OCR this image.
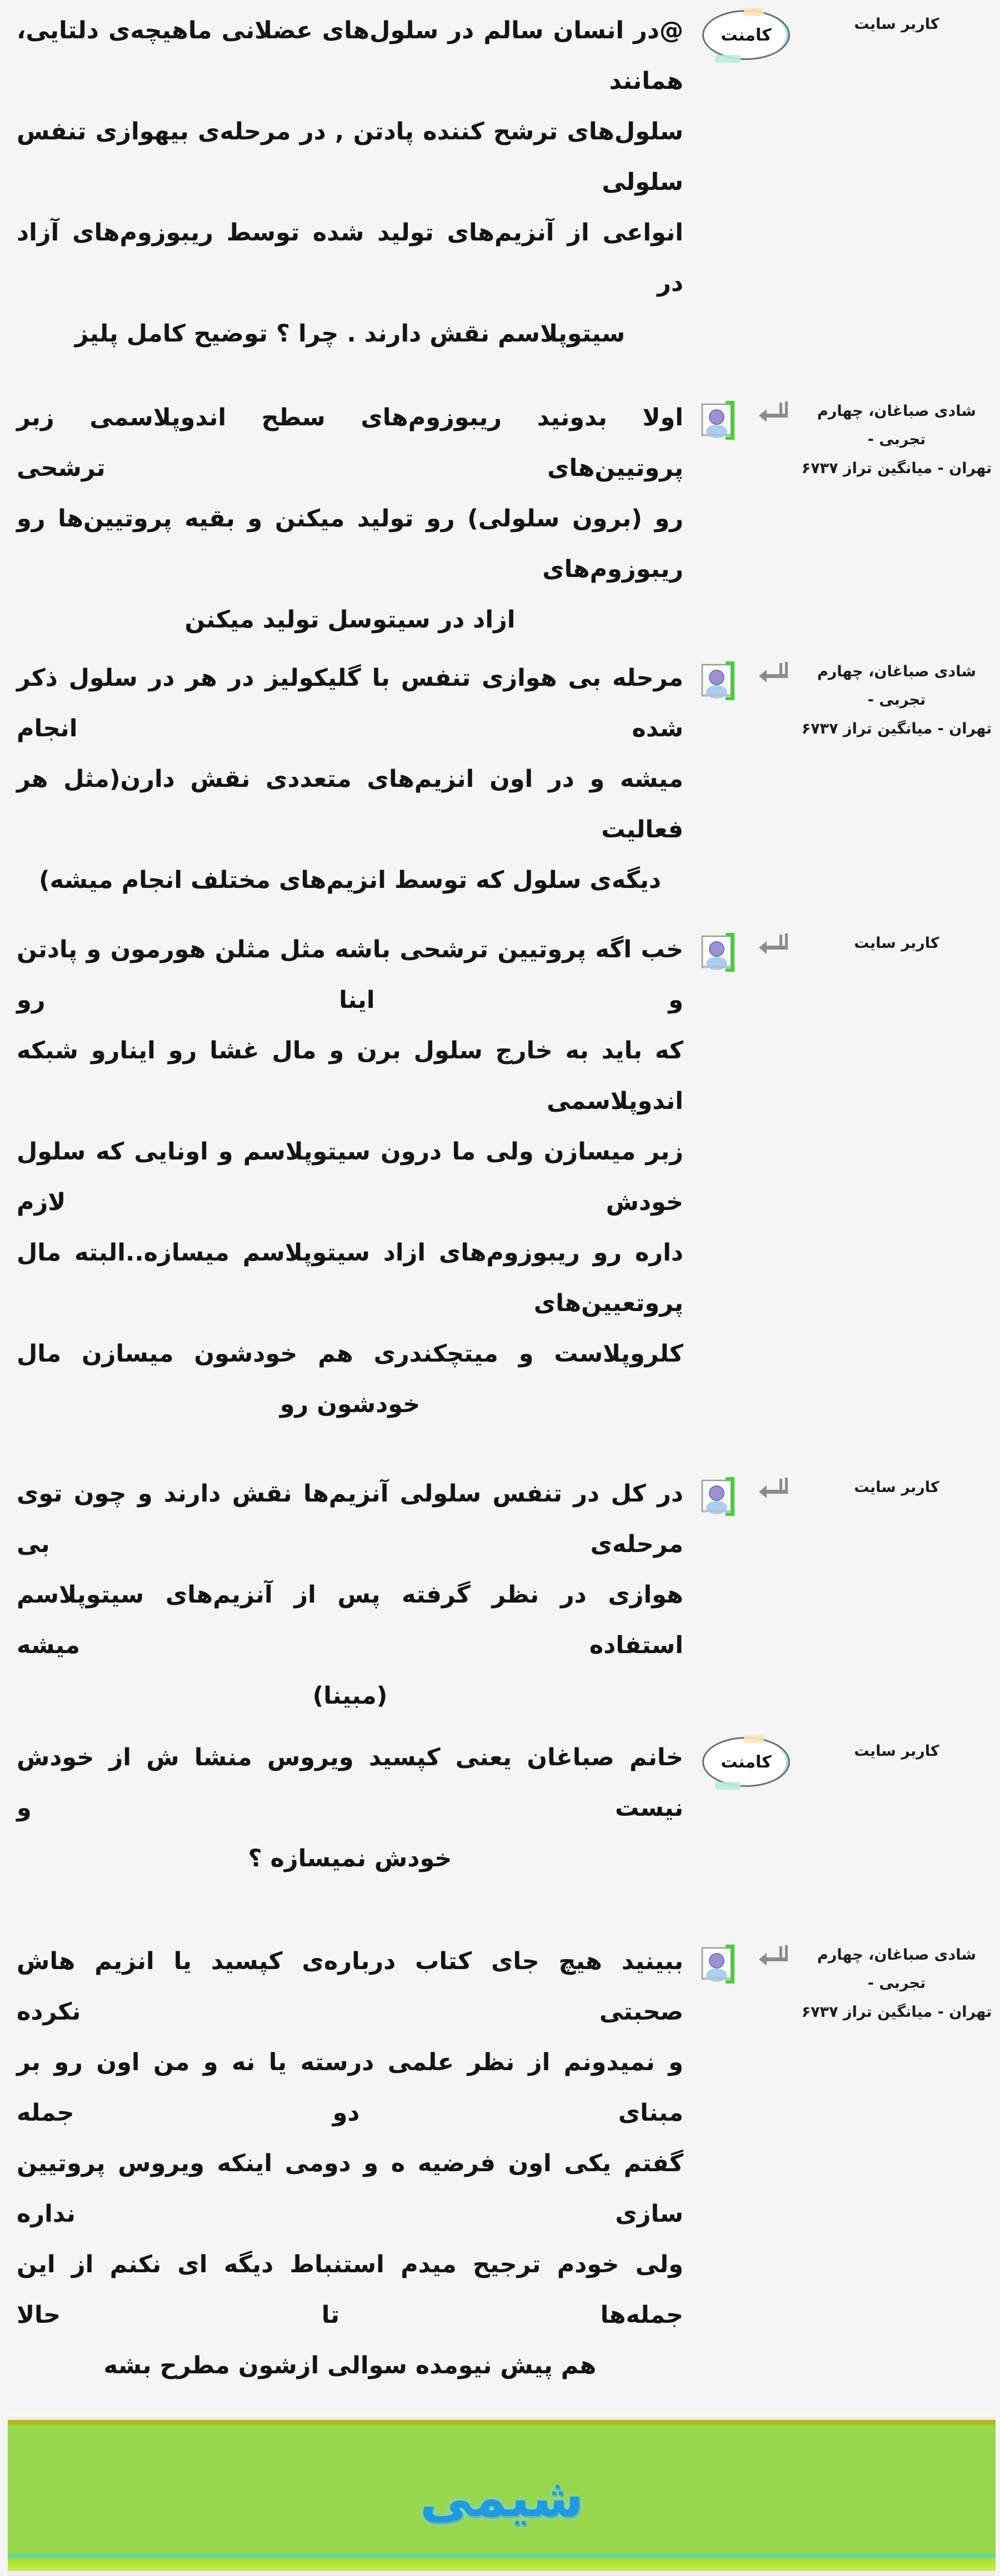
کاربر سایت
کامنت
@در انسان سالم در سلول‌های عضلانی ماهیچه‌ی دلتایی، همانند
سلول‌های ترشح کننده پادتن , در مرحله‌ی بیهوازی تنفس سلولی
انواعی از آنزیم‌های تولید شده توسط ریبوزوم‌های آزاد در
سیتوپلاسم نقش دارند . چرا ؟ توضیح کامل پلیز
شادی صباغان، چهارم تجربی -
تهران - میانگین تراز ۶۷۳۷
اولا بدونید ریبوزوم‌های سطح اندوپلاسمی زبر پروتیین‌های ترشحی
رو (برون سلولی) رو تولید میکنن و بقیه پروتیین‌ها رو ریبوزوم‌های
ازاد در سیتوسل تولید میکنن
شادی صباغان، چهارم تجربی -
تهران - میانگین تراز ۶۷۳۷
مرحله بی هوازی تنفس با گلیکولیز در هر در سلول ذکر شده انجام
میشه و در اون انزیم‌های متعددی نقش دارن(مثل هر فعالیت
دیگه‌ی سلول که توسط انزیم‌های مختلف انجام میشه)
کاربر سایت
خب اگه پروتیین ترشحی باشه مثل مثلن هورمون و پادتن و اینا رو
که باید به خارج سلول برن و مال غشا رو اینارو شبکه اندوپلاسمی
زبر میسازن ولی ما درون سیتوپلاسم و اونایی که سلول خودش لازم
داره رو ریبوزوم‌های ازاد سیتوپلاسم میسازه..البته مال پروتعیین‌های
کلروپلاست و میتچکندری هم خودشون میسازن مال خودشون رو
کاربر سایت
در کل در تنفس سلولی آنزیم‌ها نقش دارند و چون توی مرحله‌ی بی
هوازی در نظر گرفته پس از آنزیم‌های سیتوپلاسم استفاده میشه
(مبینا)
کاربر سایت
کامنت
خانم صباغان یعنی کپسید ویروس منشا ش از خودش نیست و
خودش نمیسازه ؟
شادی صباغان، چهارم تجربی -
تهران - میانگین تراز ۶۷۳۷
ببینید هیچ جای کتاب درباره‌ی کپسید یا انزیم هاش صحبتی نکرده
و نمیدونم از نظر علمی درسته یا نه و من اون رو بر مبنای دو جمله
گفتم یکی اون فرضیه ه و دومی اینکه ویروس پروتیین سازی نداره
ولی خودم ترجیح میدم استنباط دیگه ای نکنم از این جمله‌ها تا حالا
هم پیش نیومده سوالی ازشون مطرح بشه
شیمی
